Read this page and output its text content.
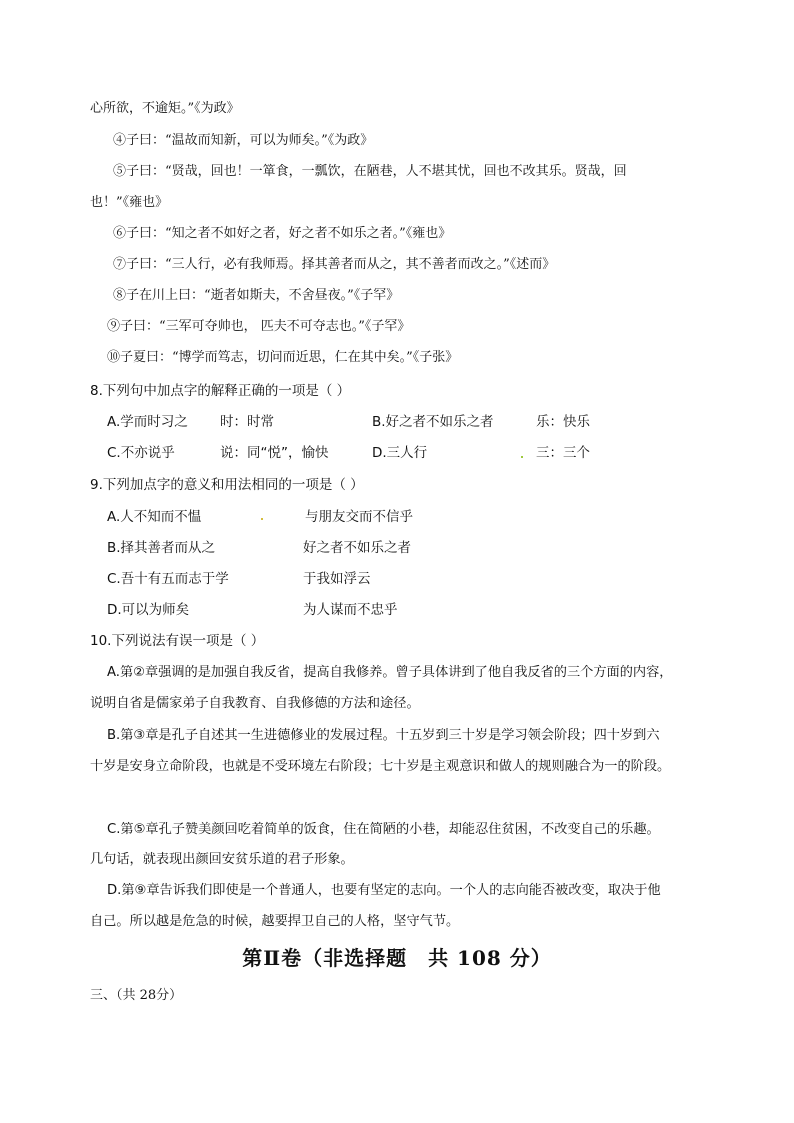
心所欲，不逾矩。”《为政》
④子曰：“温故而知新，可以为师矣。”《为政》
⑤子曰：“贤哉，回也！一箪食，一瓢饮，在陋巷，人不堪其忧，回也不改其乐。贤哉，回
也！”《雍也》
⑥子曰：“知之者不如好之者，好之者不如乐之者。”《雍也》
⑦子曰：“三人行，必有我师焉。择其善者而从之，其不善者而改之。”《述而》
⑧子在川上曰：“逝者如斯夫，不舍昼夜。”《子罕》
⑨子曰：“三军可夺帅也， 匹夫不可夺志也。”《子罕》
⑩子夏曰：“博学而笃志，切问而近思，仁在其中矣。”《子张》
8.下列句中加点字的解释正确的一项是（ ）
A.学而时习之 时：时常	B.好之者不如乐之者	乐：快乐
C.不亦说乎	说：同“悦”，愉快	D.三人行	三：三个
9.下列加点字的意义和用法相同的一项是（ ）
A.人不知而不愠	与朋友交而不信乎
B.择其善者而从之	好之者不如乐之者
C.吾十有五而志于学	于我如浮云
D.可以为师矣	为人谋而不忠乎
10.下列说法有误一项是（ ）
A.第②章强调的是加强自我反省，提高自我修养。曾子具体讲到了他自我反省的三个方面的内容，
说明自省是儒家弟子自我教育、自我修德的方法和途径。
B.第③章是孔子自述其一生进德修业的发展过程。十五岁到三十岁是学习领会阶段；四十岁到六
十岁是安身立命阶段，也就是不受环境左右阶段；七十岁是主观意识和做人的规则融合为一的阶段。
C.第⑤章孔子赞美颜回吃着简单的饭食，住在简陋的小巷，却能忍住贫困，不改变自己的乐趣。
几句话，就表现出颜回安贫乐道的君子形象。
D.第⑨章告诉我们即使是一个普通人，也要有坚定的志向。一个人的志向能否被改变，取决于他
自己。所以越是危急的时候，越要捍卫自己的人格，坚守气节。
第Ⅱ卷（非选择题　共 108 分）
三、（共 28分）
